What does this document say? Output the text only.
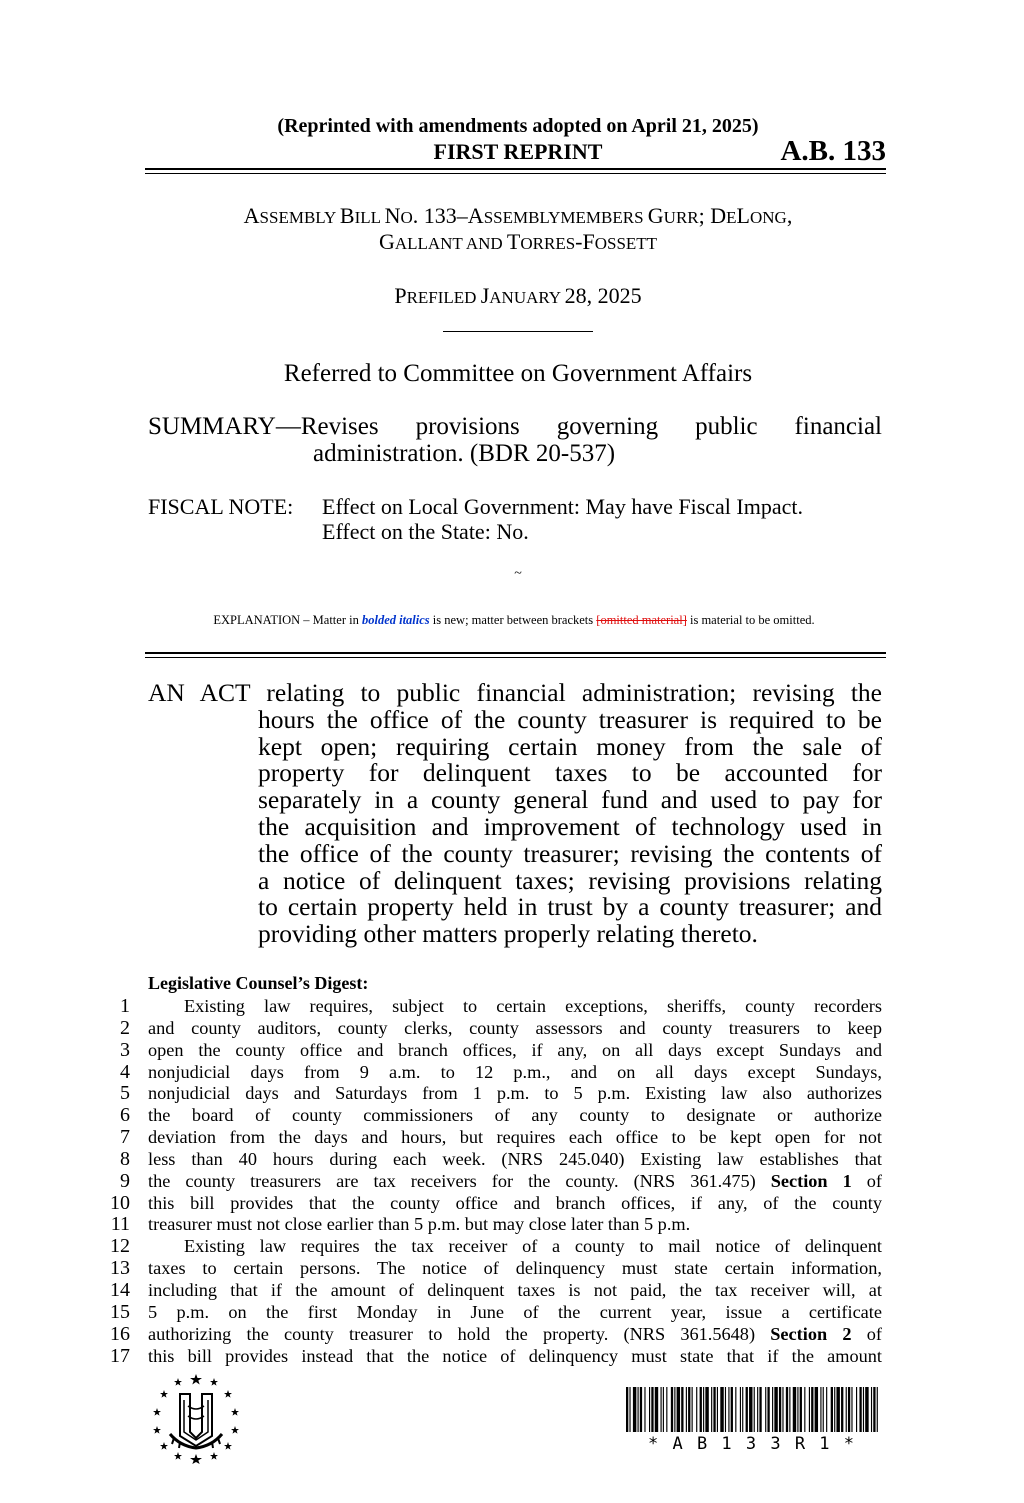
(Reprinted with amendments adopted on April 21, 2025)
FIRST REPRINT	A.B. 133
ASSEMBLY BILL NO. 133–ASSEMBLYMEMBERS GURR; DELONG,
GALLANT AND TORRES-FOSSETT
PREFILED JANUARY 28, 2025
Referred to Committee on Government Affairs
SUMMARY—Revises provisions governing public financial
administration. (BDR 20-537)
FISCAL NOTE: Effect on Local Government: May have Fiscal Impact.
Effect on the State: No.
~
EXPLANATION – Matter in bolded italics is new; matter between brackets [omitted material] is material to be omitted.

AN ACT relating to public financial administration; revising the

hours the office of the county treasurer is required to be

kept open; requiring certain money from the sale of

property for delinquent taxes to be accounted for

separately in a county general fund and used to pay for

the acquisition and improvement of technology used in

the office of the county treasurer; revising the contents of

a notice of delinquent taxes; revising provisions relating

to certain property held in trust by a county treasurer; and

providing other matters properly relating thereto.

Legislative Counsel’s Digest:
1	Existing law requires, subject to certain exceptions, sheriffs, county recorders
2 and county auditors, county clerks, county assessors and county treasurers to keep
3 open the county office and branch offices, if any, on all days except Sundays and
4 nonjudicial days from 9 a.m. to 12 p.m., and on all days except Sundays,
5 nonjudicial days and Saturdays from 1 p.m. to 5 p.m. Existing law also authorizes
6 the board of county commissioners of any county to designate or authorize
7 deviation from the days and hours, but requires each office to be kept open for not
8 less than 40 hours during each week. (NRS 245.040) Existing law establishes that
9 the county treasurers are tax receivers for the county. (NRS 361.475) Section 1 of
10 this bill provides that the county office and branch offices, if any, of the county
11 treasurer must not close earlier than 5 p.m. but may close later than 5 p.m.
12	Existing law requires the tax receiver of a county to mail notice of delinquent
13 taxes to certain persons. The notice of delinquency must state certain information,
14 including that if the amount of delinquent taxes is not paid, the tax receiver will, at
15 5 p.m. on the first Monday in June of the current year, issue a certificate
16 authorizing the county treasurer to hold the property. (NRS 361.5648) Section 2 of
17 this bill provides instead that the notice of delinquency must state that if the amount
* A B 1 3 3 R 1 *
